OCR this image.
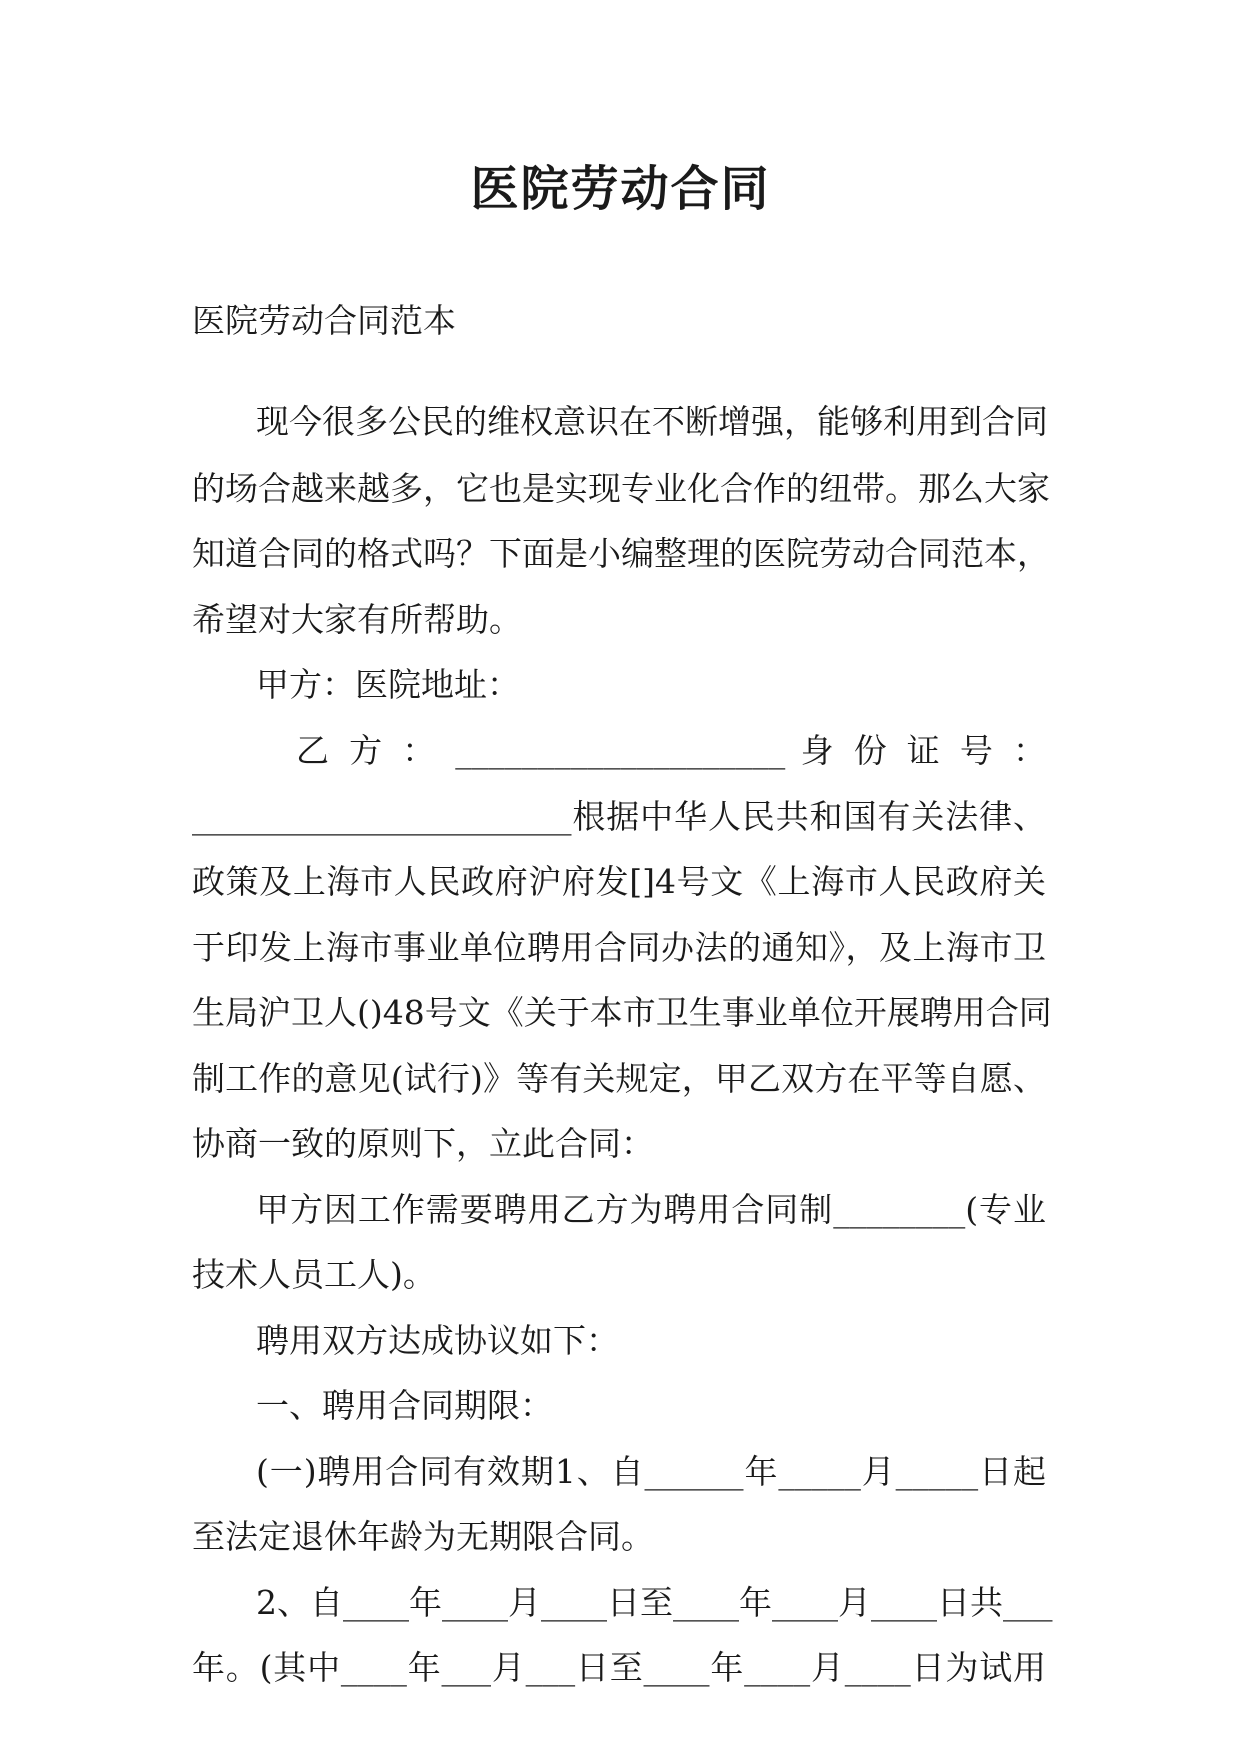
医院劳动合同
医院劳动合同范本
现今很多公民的维权意识在不断增强，能够利用到合同
的场合越来越多，它也是实现专业化合作的纽带。那么大家
知道合同的格式吗？下面是小编整理的医院劳动合同范本，
希望对大家有所帮助。
甲方：医院地址：
乙 方 ： ____________________ 身 份 证 号 ：
_______________________根据中华人民共和国有关法律、
政策及上海市人民政府沪府发[]4号文《上海市人民政府关
于印发上海市事业单位聘用合同办法的通知》，及上海市卫
生局沪卫人()48号文《关于本市卫生事业单位开展聘用合同
制工作的意见(试行)》等有关规定，甲乙双方在平等自愿、
协商一致的原则下，立此合同：
甲方因工作需要聘用乙方为聘用合同制________(专业
技术人员工人)。
聘用双方达成协议如下：
一、聘用合同期限：
(一)聘用合同有效期1、自______年_____月_____日起
至法定退休年龄为无期限合同。
2、自____年____月____日至____年____月____日共___
年。(其中____年___月___日至____年____月____日为试用
